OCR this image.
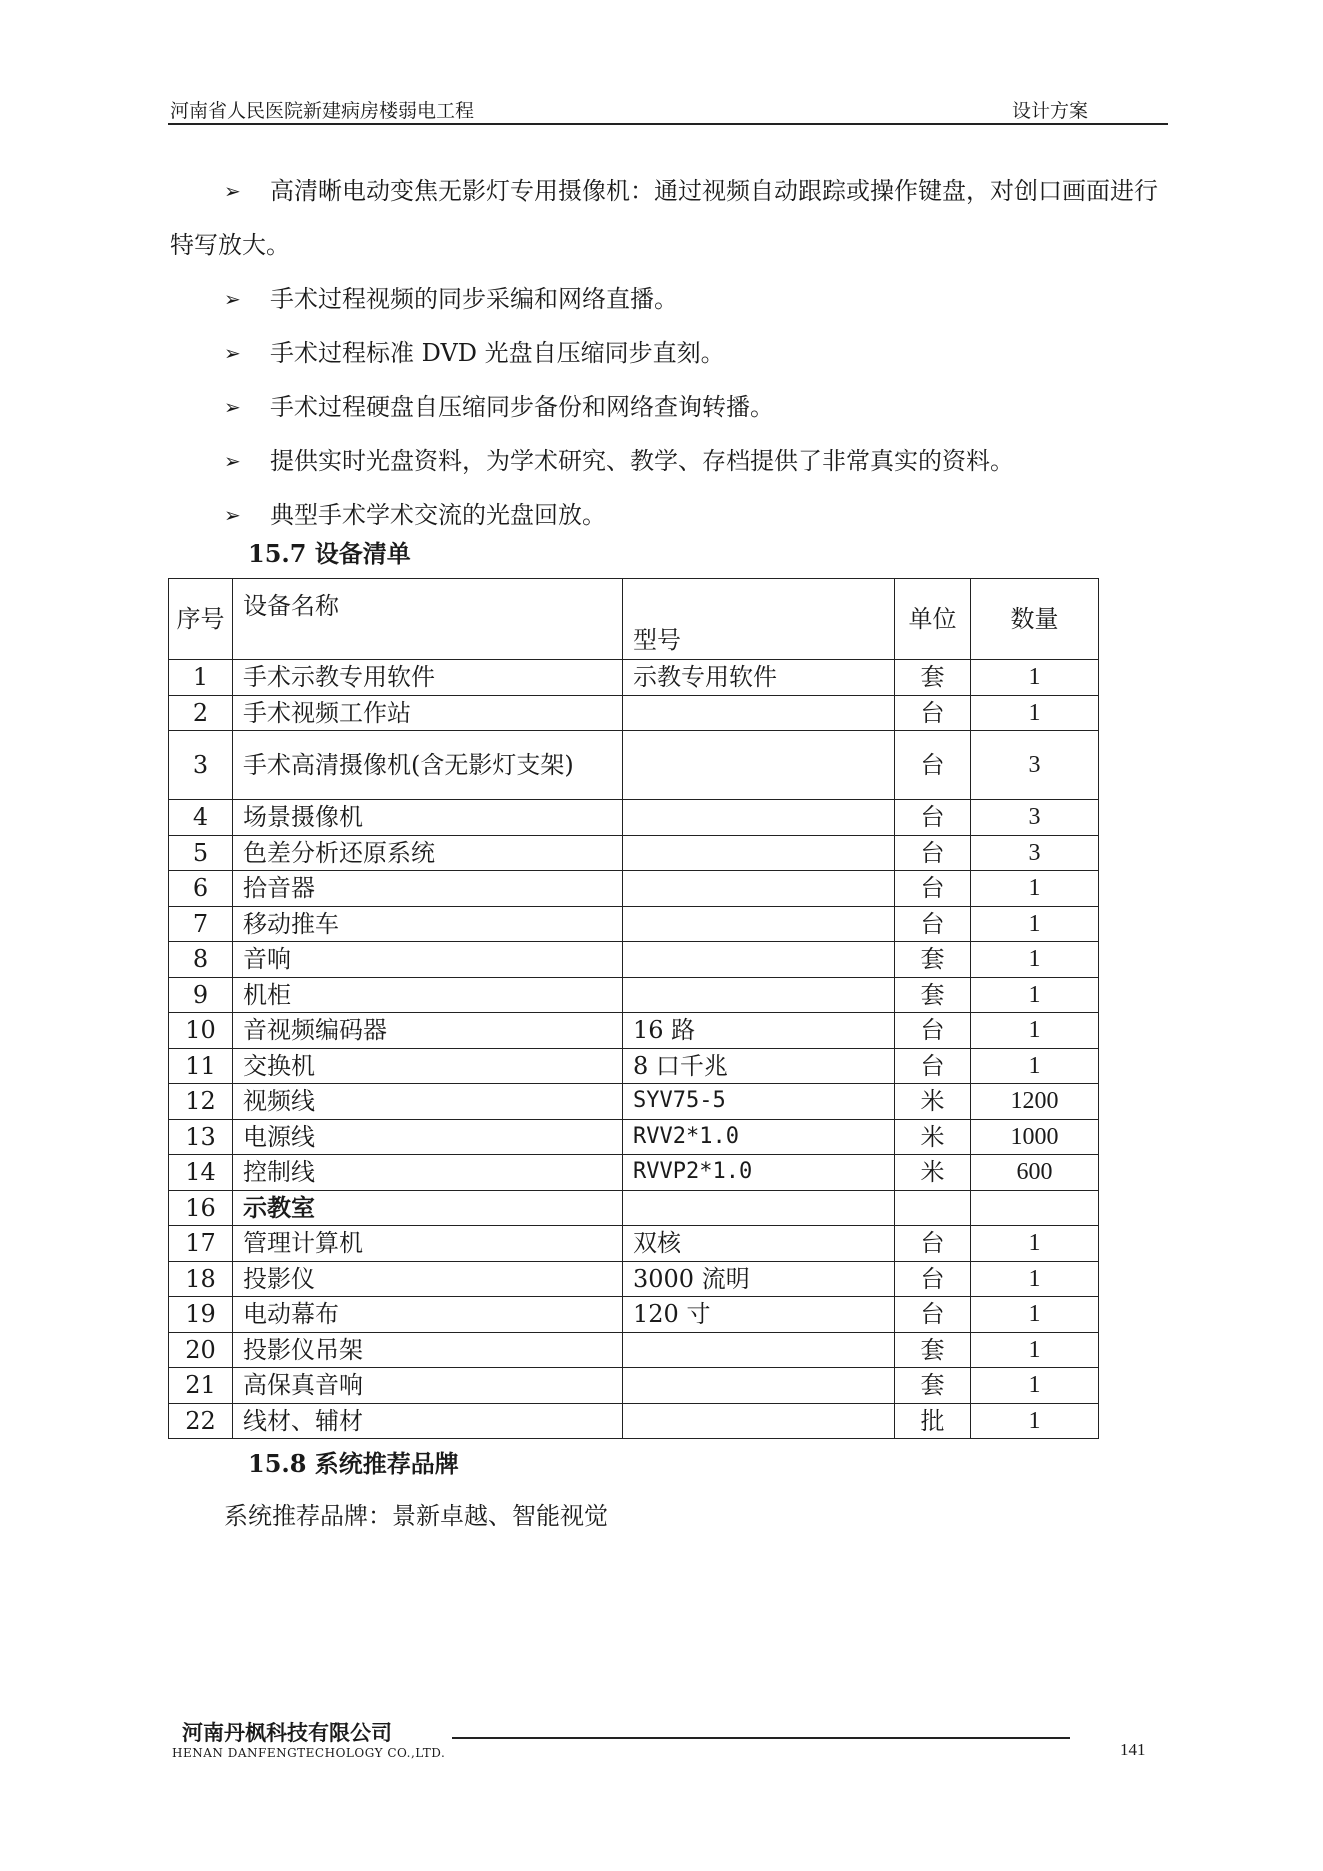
河南省人民医院新建病房楼弱电工程	设计方案
➢ 高清晰电动变焦无影灯专用摄像机：通过视频自动跟踪或操作键盘，对创口画面进行特写放大。
➢ 手术过程视频的同步采编和网络直播。
➢ 手术过程标准 DVD 光盘自压缩同步直刻。
➢ 手术过程硬盘自压缩同步备份和网络查询转播。
➢ 提供实时光盘资料，为学术研究、教学、存档提供了非常真实的资料。
➢ 典型手术学术交流的光盘回放。
15.7 设备清单
序号	设备名称	型号	单位	数量
1	手术示教专用软件	示教专用软件	套	1
2	手术视频工作站		台	1
3	手术高清摄像机(含无影灯支架)		台	3
4	场景摄像机		台	3
5	色差分析还原系统		台	3
6	拾音器		台	1
7	移动推车		台	1
8	音响		套	1
9	机柜		套	1
10	音视频编码器	16 路	台	1
11	交换机	8 口千兆	台	1
12	视频线	SYV75-5	米	1200
13	电源线	RVV2*1.0	米	1000
14	控制线	RVVP2*1.0	米	600
16	示教室			
17	管理计算机	双核	台	1
18	投影仪	3000 流明	台	1
19	电动幕布	120 寸	台	1
20	投影仪吊架		套	1
21	高保真音响		套	1
22	线材、辅材		批	1
15.8 系统推荐品牌
系统推荐品牌：景新卓越、智能视觉
河南丹枫科技有限公司
HENAN DANFENGTECHOLOGY CO.,LTD.	141
